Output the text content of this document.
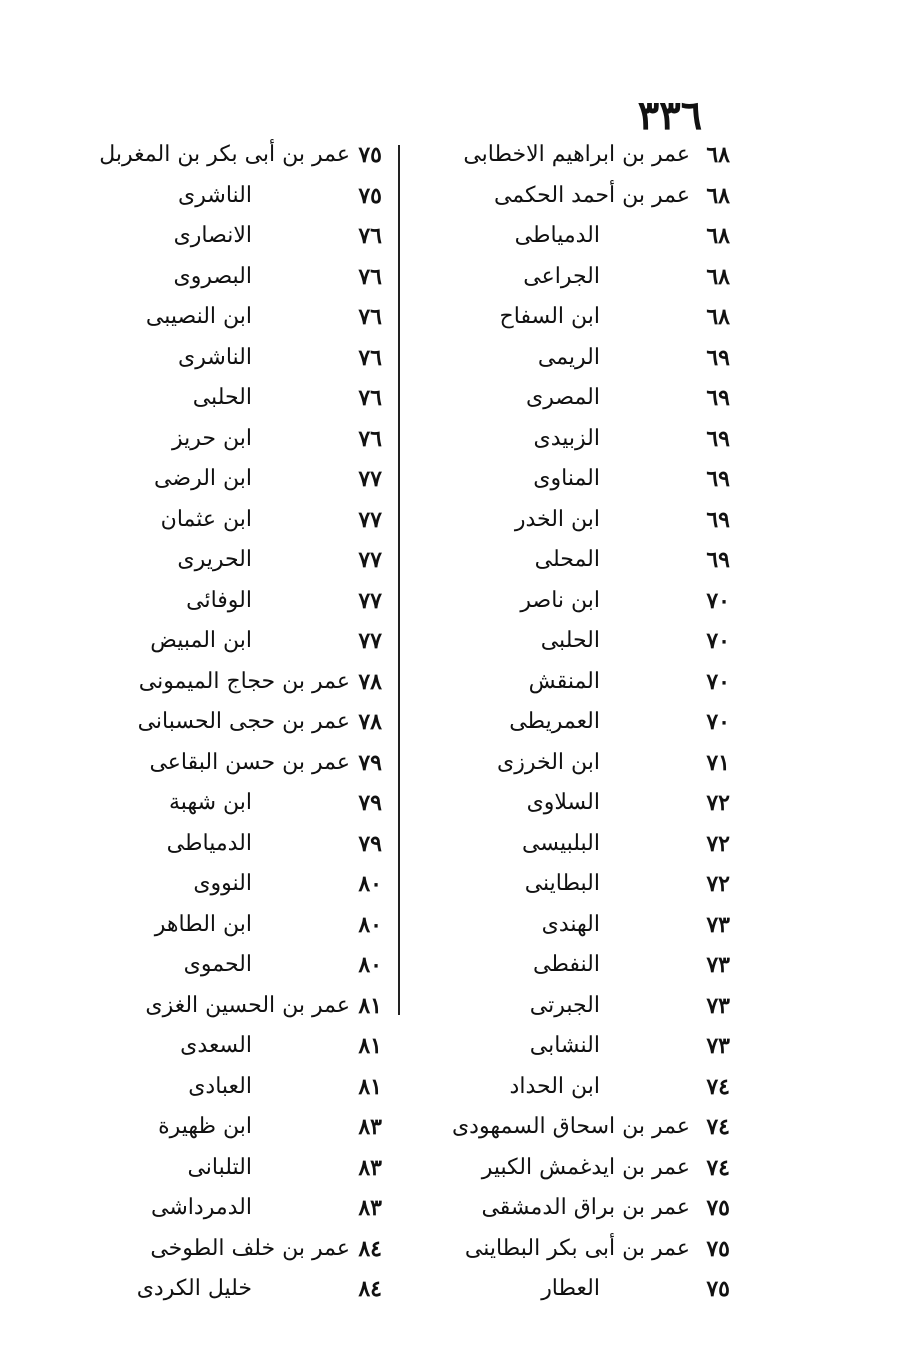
٣٣٦
٦٨
عمر بن ابراهيم الاخطابى
٦٨
عمر بن أحمد الحكمى
٦٨
الدمياطى
٦٨
الجراعى
٦٨
ابن السفاح
٦٩
الريمى
٦٩
المصرى
٦٩
الزبيدى
٦٩
المناوى
٦٩
ابن الخدر
٦٩
المحلى
٧٠
ابن ناصر
٧٠
الحلبى
٧٠
المنقش
٧٠
العمريطى
٧١
ابن الخرزى
٧٢
السلاوى
٧٢
البلبيسى
٧٢
البطاينى
٧٣
الهندى
٧٣
النفطى
٧٣
الجبرتى
٧٣
النشابى
٧٤
ابن الحداد
٧٤
عمر بن اسحاق السمهودى
٧٤
عمر بن ايدغمش الكبير
٧٥
عمر بن براق الدمشقى
٧٥
عمر بن أبى بكر البطاينى
٧٥
العطار
٧٥
عمر بن أبى بكر بن المغربل
٧٥
الناشرى
٧٦
الانصارى
٧٦
البصروى
٧٦
ابن النصيبى
٧٦
الناشرى
٧٦
الحلبى
٧٦
ابن حريز
٧٧
ابن الرضى
٧٧
ابن عثمان
٧٧
الحريرى
٧٧
الوفائى
٧٧
ابن المبيض
٧٨
عمر بن حجاج الميمونى
٧٨
عمر بن حجى الحسبانى
٧٩
عمر بن حسن البقاعى
٧٩
ابن شهبة
٧٩
الدمياطى
٨٠
النووى
٨٠
ابن الطاهر
٨٠
الحموى
٨١
عمر بن الحسين الغزى
٨١
السعدى
٨١
العبادى
٨٣
ابن ظهيرة
٨٣
التلبانى
٨٣
الدمرداشى
٨٤
عمر بن خلف الطوخى
٨٤
خليل الكردى
